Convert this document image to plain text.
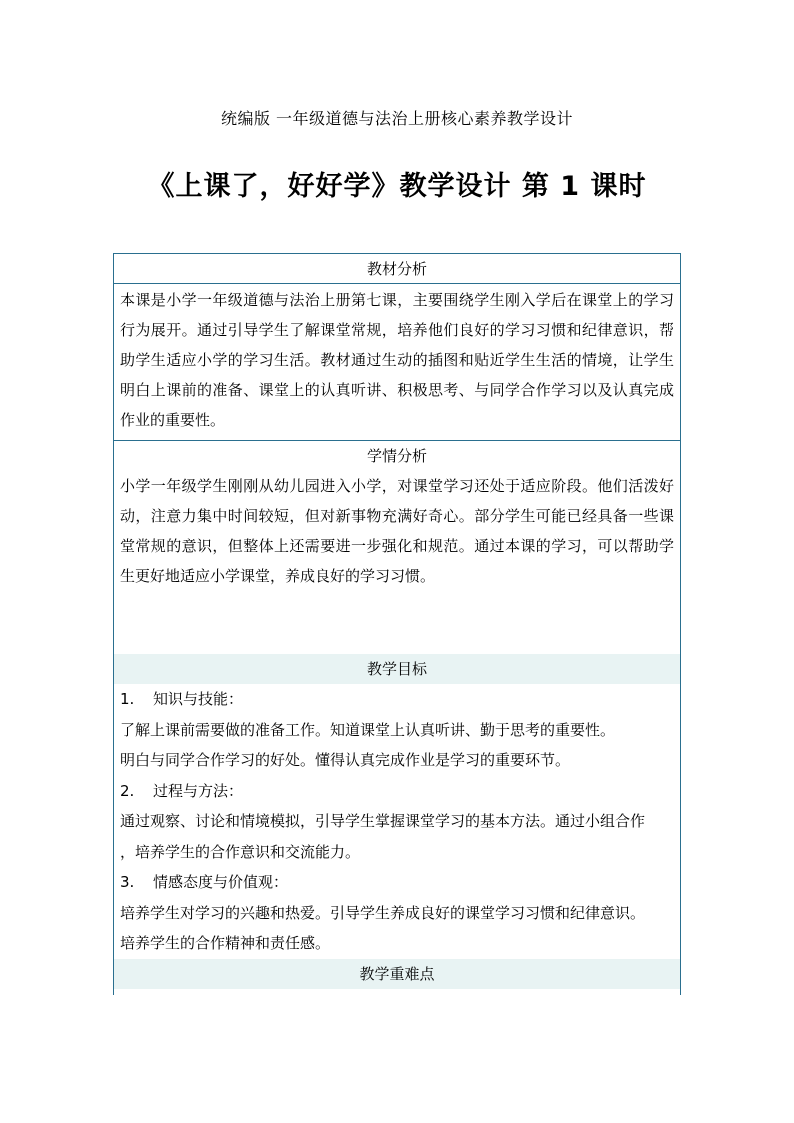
统编版 一年级道德与法治上册核心素养教学设计
《上课了，好好学》教学设计 第 1 课时
教材分析
本课是小学一年级道德与法治上册第七课，主要围绕学生刚入学后在课堂上的学习行为展开。通过引导学生了解课堂常规，培养他们良好的学习习惯和纪律意识，帮助学生适应小学的学习生活。教材通过生动的插图和贴近学生生活的情境，让学生明白上课前的准备、课堂上的认真听讲、积极思考、与同学合作学习以及认真完成作业的重要性。
学情分析
小学一年级学生刚刚从幼儿园进入小学，对课堂学习还处于适应阶段。他们活泼好动，注意力集中时间较短，但对新事物充满好奇心。部分学生可能已经具备一些课堂常规的意识，但整体上还需要进一步强化和规范。通过本课的学习，可以帮助学生更好地适应小学课堂，养成良好的学习习惯。
教学目标
1. 知识与技能：
了解上课前需要做的准备工作。知道课堂上认真听讲、勤于思考的重要性。
明白与同学合作学习的好处。懂得认真完成作业是学习的重要环节。
2. 过程与方法：
通过观察、讨论和情境模拟，引导学生掌握课堂学习的基本方法。通过小组合作
，培养学生的合作意识和交流能力。
3. 情感态度与价值观：
培养学生对学习的兴趣和热爱。引导学生养成良好的课堂学习习惯和纪律意识。
培养学生的合作精神和责任感。
教学重难点
